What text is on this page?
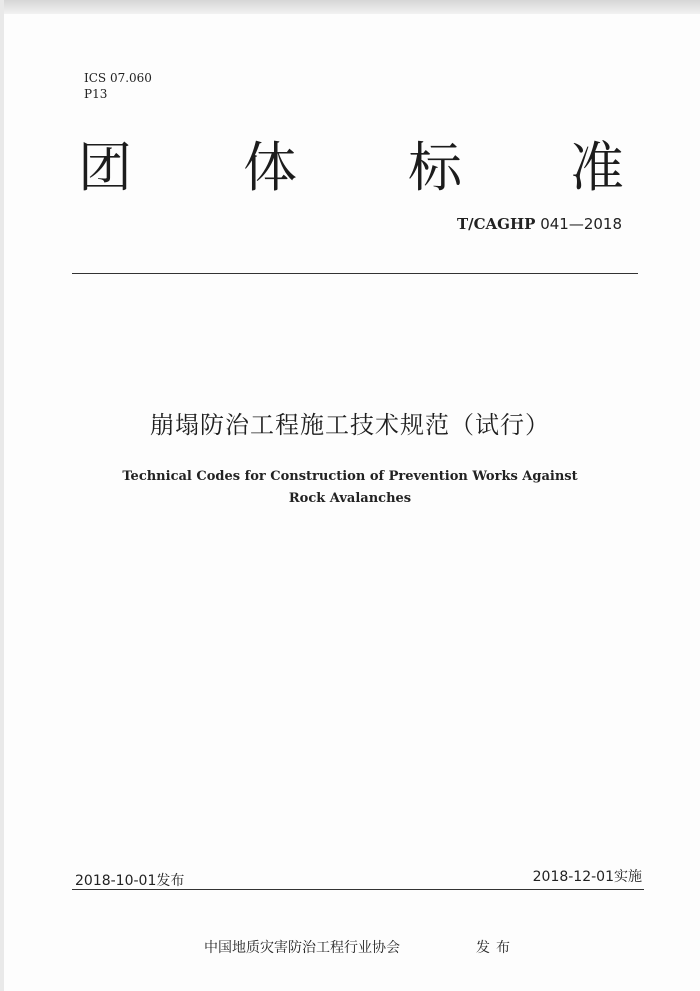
ICS 07.060
P13
团 体 标 准
T/CAGHP 041—2018
崩塌防治工程施工技术规范（试行）
Technical Codes for Construction of Prevention Works Against Rock Avalanches
2018-10-01发布	2018-12-01实施
中国地质灾害防治工程行业协会	发布
